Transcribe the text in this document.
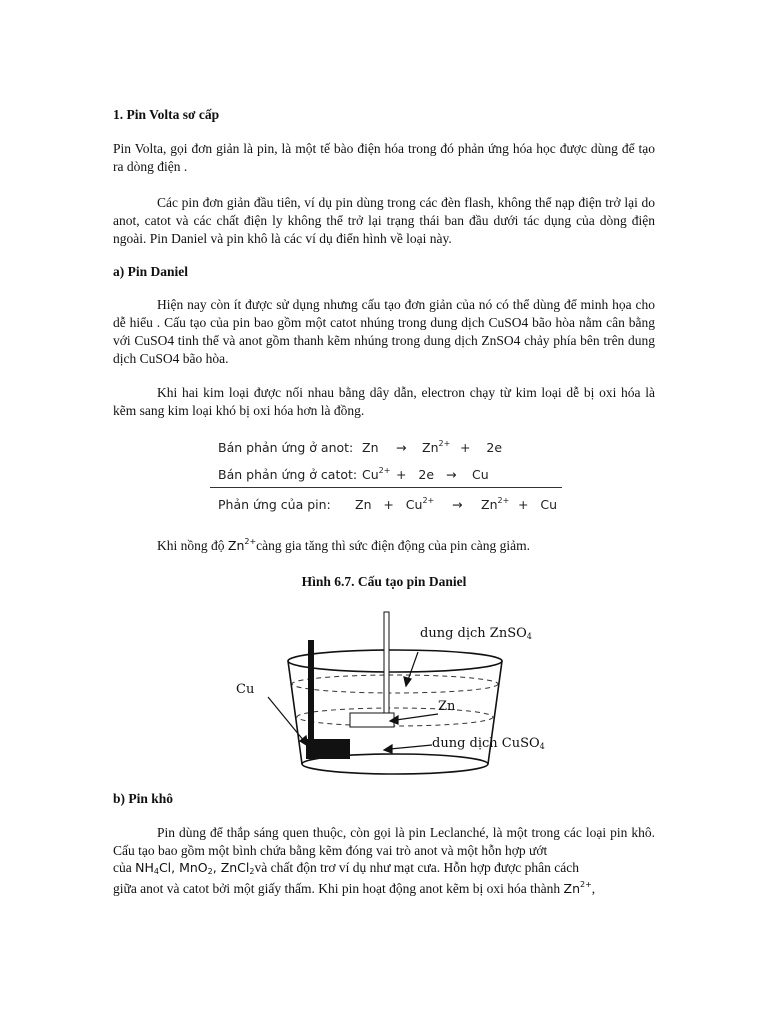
1. Pin Volta sơ cấp
Pin Volta, gọi đơn giản là pin, là một tế bào điện hóa trong đó phản ứng hóa học được dùng để tạo ra dòng điện .
Các pin đơn giản đầu tiên, ví dụ pin dùng trong các đèn flash, không thể nạp điện trở lại do anot, catot và các chất điện ly không thể trở lại trạng thái ban đầu dưới tác dụng của dòng điện ngoài. Pin Daniel và pin khô là các ví dụ điển hình về loại này.
a) Pin Daniel
Hiện nay còn ít được sử dụng nhưng cấu tạo đơn giản của nó có thể dùng để minh họa cho dễ hiểu . Cấu tạo của pin bao gồm một catot nhúng trong dung dịch CuSO4 bão hòa nằm cân bằng với CuSO4 tinh thể và anot gồm thanh kẽm nhúng trong dung dịch ZnSO4 chảy phía bên trên dung dịch CuSO4 bão hòa.
Khi hai kim loại được nối nhau bằng dây dẫn, electron chạy từ kim loại dễ bị oxi hóa là kẽm sang kim loại khó bị oxi hóa hơn là đồng.
Bán phản ứng ở anot: $Zn \to Zn^{2+}$ +    2e
Bán phản ứng ở catot: $Cu^{2+} + 2e \to Cu$
Phản ứng của pin: $Zn + Cu^{2+} \to Zn^{2+} + Cu$
Khi nồng độ $Zn^{2+}càng$ gia tăng thì sức điện động của pin càng giảm.
Hình 6.7. Cấu tạo pin Daniel
dung dịch ZnSO$_4$
Cu
Zn
dung dịch CuSO$_4$
b) Pin khô
Pin dùng để thắp sáng quen thuộc, còn gọi là pin Leclanché, là một trong các loại pin khô. Cấu tạo bao gồm một bình chứa bằng kẽm đóng vai trò anot và một hỗn hợp ướt
của $NH_4Cl$, MnO$_2$, ZnCl$_2$và chất độn trơ ví dụ như mạt cưa. Hỗn hợp được phân cách
giữa anot và catot bởi một giấy thấm. Khi pin hoạt động anot kẽm bị oxi hóa thành $Zn^{2+}$,
